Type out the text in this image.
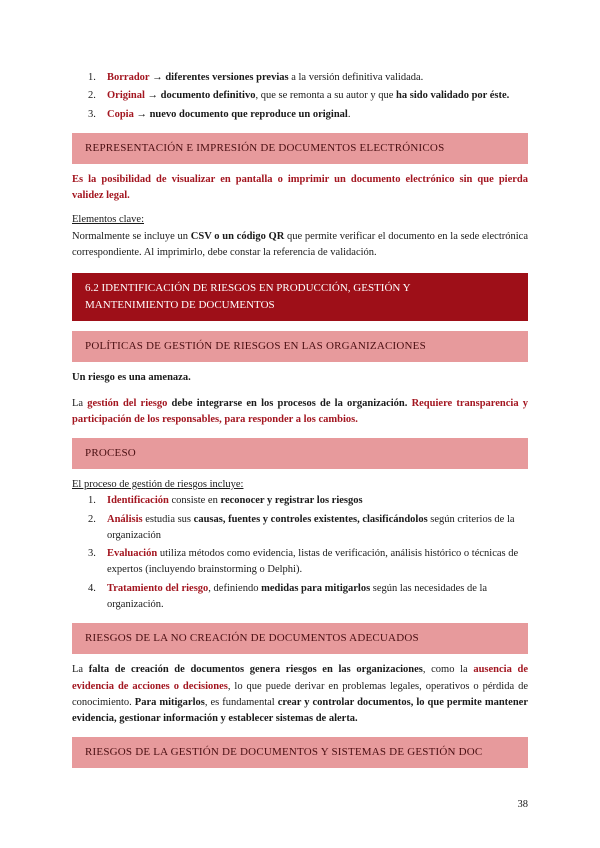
1. Borrador → diferentes versiones previas a la versión definitiva validada.
2. Original → documento definitivo, que se remonta a su autor y que ha sido validado por éste.
3. Copia → nuevo documento que reproduce un original.
REPRESENTACIÓN E IMPRESIÓN DE DOCUMENTOS ELECTRÓNICOS

Es la posibilidad de visualizar en pantalla o imprimir un documento electrónico sin que pierda validez legal.

Elementos clave:

Normalmente se incluye un CSV o un código QR que permite verificar el documento en la sede electrónica correspondiente. Al imprimirlo, debe constar la referencia de validación.

6.2 IDENTIFICACIÓN DE RIESGOS EN PRODUCCIÓN, GESTIÓN Y
MANTENIMIENTO DE DOCUMENTOS
POLÍTICAS DE GESTIÓN DE RIESGOS EN LAS ORGANIZACIONES

Un riesgo es una amenaza.

La gestión del riesgo debe integrarse en los procesos de la organización. Requiere transparencia y participación de los responsables, para responder a los cambios.

PROCESO
El proceso de gestión de riesgos incluye:
1. Identificación consiste en reconocer y registrar los riesgos
2. Análisis estudia sus causas, fuentes y controles existentes, clasificándolos según criterios de la organización
3. Evaluación utiliza métodos como evidencia, listas de verificación, análisis histórico o técnicas de expertos (incluyendo brainstorming o Delphi).
4. Tratamiento del riesgo, definiendo medidas para mitigarlos según las necesidades de la organización.
RIESGOS DE LA NO CREACIÓN DE DOCUMENTOS ADECUADOS

La falta de creación de documentos genera riesgos en las organizaciones, como la ausencia de evidencia de acciones o decisiones, lo que puede derivar en problemas legales, operativos o pérdida de conocimiento. Para mitigarlos, es fundamental crear y controlar documentos, lo que permite mantener evidencia, gestionar información y establecer sistemas de alerta.

RIESGOS DE LA GESTIÓN DE DOCUMENTOS Y SISTEMAS DE GESTIÓN DOC
38
